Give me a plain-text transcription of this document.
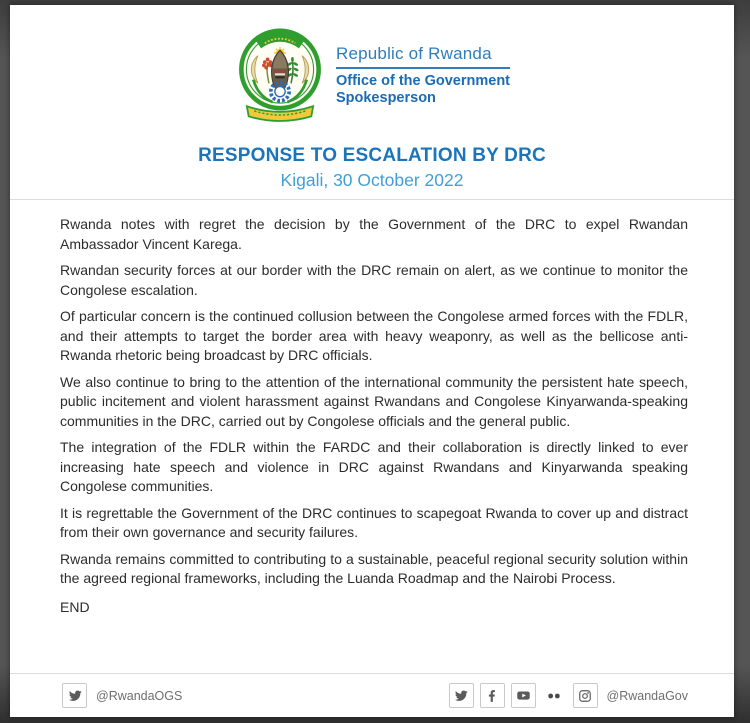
Republic of Rwanda
Office of the Government
Spokesperson
RESPONSE TO ESCALATION BY DRC
Kigali, 30 October 2022

Rwanda notes with regret the decision by the Government of the DRC to expel Rwandan Ambassador Vincent Karega.

Rwandan security forces at our border with the DRC remain on alert, as we continue to monitor the Congolese escalation.

Of particular concern is the continued collusion between the Congolese armed forces with the FDLR, and their attempts to target the border area with heavy weaponry, as well as the bellicose anti-Rwanda rhetoric being broadcast by DRC officials.

We also continue to bring to the attention of the international community the persistent hate speech, public incitement and violent harassment against Rwandans and Congolese Kinyarwanda-speaking communities in the DRC, carried out by Congolese officials and the general public.

The integration of the FDLR within the FARDC and their collaboration is directly linked to ever increasing hate speech and violence in DRC against Rwandans and Kinyarwanda speaking Congolese communities.

It is regrettable the Government of the DRC continues to scapegoat Rwanda to cover up and distract from their own governance and security failures.

Rwanda remains committed to contributing to a sustainable, peaceful regional security solution within the agreed regional frameworks, including the Luanda Roadmap and the Nairobi Process.

END

@RwandaOGS	@RwandaGov
